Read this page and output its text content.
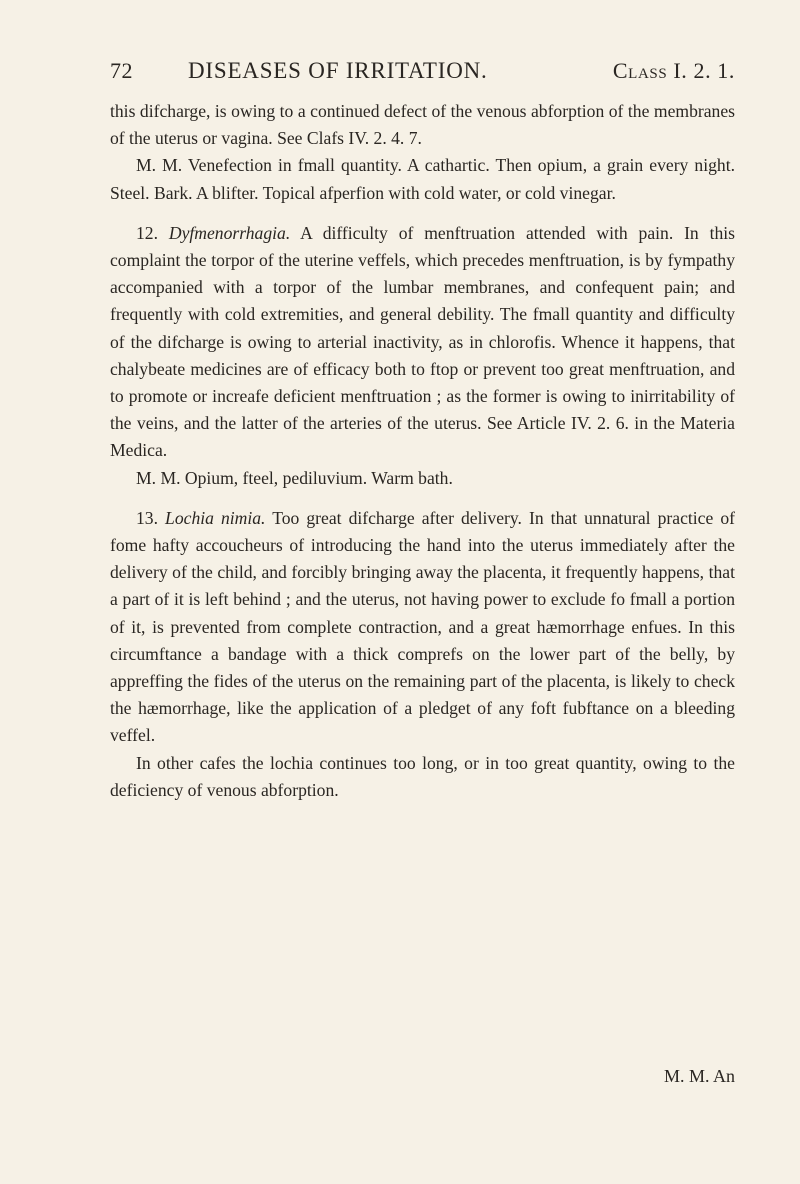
72 DISEASES OF IRRITATION.	Class I. 2. 1.

this difcharge, is owing to a continued defect of the venous abforption of the membranes of the uterus or vagina. See Clafs IV. 2. 4. 7.

M. M. Venefection in fmall quantity. A cathartic. Then opium, a grain every night. Steel. Bark. A blifter. Topical afperfion with cold water, or cold vinegar.

12. Dyfmenorrhagia. A difficulty of menftruation attended with pain. In this complaint the torpor of the uterine veffels, which precedes menftruation, is by fympathy accompanied with a torpor of the lumbar membranes, and confequent pain; and frequently with cold extremities, and general debility. The fmall quantity and difficulty of the difcharge is owing to arterial inactivity, as in chlorofis. Whence it happens, that chalybeate medicines are of efficacy both to ftop or prevent too great menftruation, and to promote or increafe deficient menftruation ; as the former is owing to inirritability of the veins, and the latter of the arteries of the uterus. See Article IV. 2. 6. in the Materia Medica.

M. M. Opium, fteel, pediluvium. Warm bath.

13. Lochia nimia. Too great difcharge after delivery. In that unnatural practice of fome hafty accoucheurs of introducing the hand into the uterus immediately after the delivery of the child, and forcibly bringing away the placenta, it frequently happens, that a part of it is left behind ; and the uterus, not having power to exclude fo fmall a portion of it, is prevented from complete contraction, and a great hæmorrhage enfues. In this circumftance a bandage with a thick comprefs on the lower part of the belly, by appreffing the fides of the uterus on the remaining part of the placenta, is likely to check the hæmorrhage, like the application of a pledget of any foft fubftance on a bleeding veffel.

In other cafes the lochia continues too long, or in too great quantity, owing to the deficiency of venous abforption.

M. M. An
